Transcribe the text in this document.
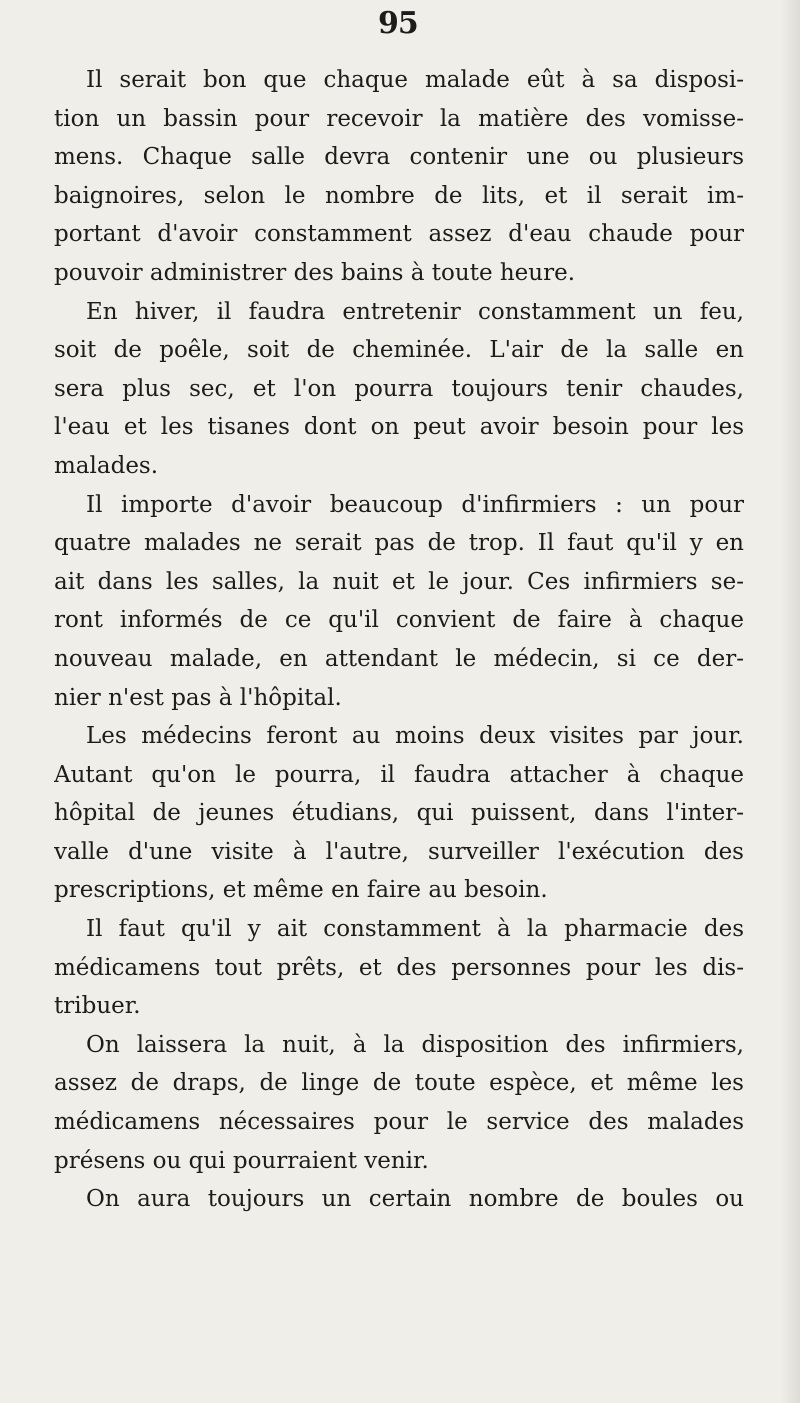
95
Il serait bon que chaque malade eût à sa disposi-
tion un bassin pour recevoir la matière des vomisse-
mens. Chaque salle devra contenir une ou plusieurs
baignoires, selon le nombre de lits, et il serait im-
portant d'avoir constamment assez d'eau chaude pour
pouvoir administrer des bains à toute heure.
En hiver, il faudra entretenir constamment un feu,
soit de poêle, soit de cheminée. L'air de la salle en
sera plus sec, et l'on pourra toujours tenir chaudes,
l'eau et les tisanes dont on peut avoir besoin pour les
malades.
Il importe d'avoir beaucoup d'infirmiers : un pour
quatre malades ne serait pas de trop. Il faut qu'il y en
ait dans les salles, la nuit et le jour. Ces infirmiers se-
ront informés de ce qu'il convient de faire à chaque
nouveau malade, en attendant le médecin, si ce der-
nier n'est pas à l'hôpital.
Les médecins feront au moins deux visites par jour.
Autant qu'on le pourra, il faudra attacher à chaque
hôpital de jeunes étudians, qui puissent, dans l'inter-
valle d'une visite à l'autre, surveiller l'exécution des
prescriptions, et même en faire au besoin.
Il faut qu'il y ait constamment à la pharmacie des
médicamens tout prêts, et des personnes pour les dis-
tribuer.
On laissera la nuit, à la disposition des infirmiers,
assez de draps, de linge de toute espèce, et même les
médicamens nécessaires pour le service des malades
présens ou qui pourraient venir.
On aura toujours un certain nombre de boules ou
